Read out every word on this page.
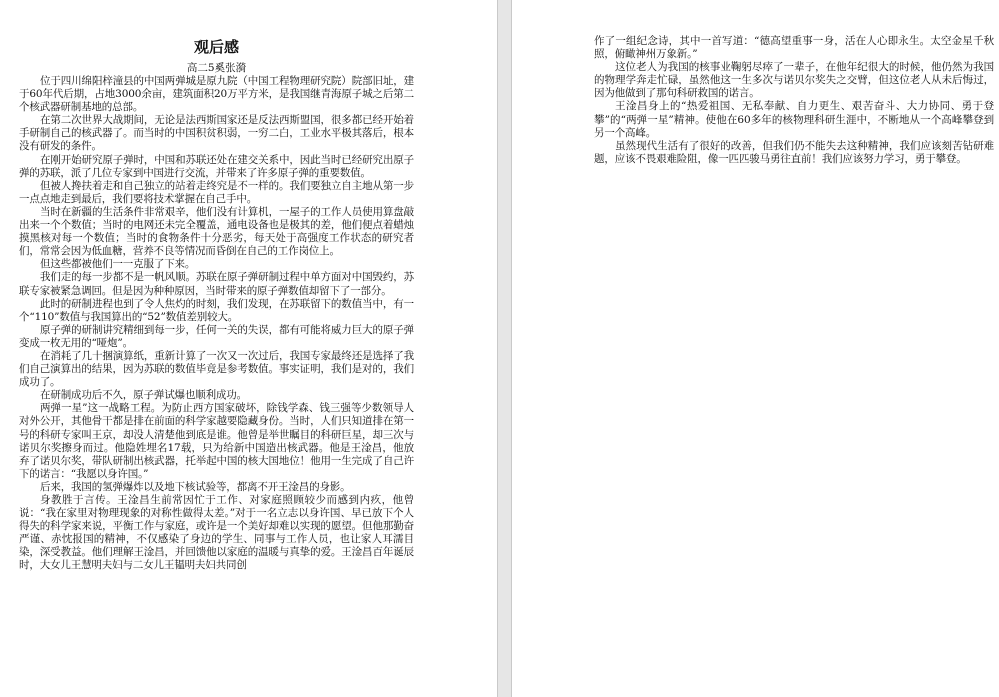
观后感

高二5奚张漪

位于四川绵阳梓潼县的中国两弹城是原九院（中国工程物理研究院）院部旧址，建于60年代后期，占地3000余亩，建筑面积20万平方米，是我国继青海原子城之后第二个核武器研制基地的总部。

在第二次世界大战期间，无论是法西斯国家还是反法西斯盟国，很多都已经开始着手研制自己的核武器了。而当时的中国积贫积弱，一穷二白，工业水平极其落后，根本没有研发的条件。

在刚开始研究原子弹时，中国和苏联还处在建交关系中，因此当时已经研究出原子弹的苏联，派了几位专家到中国进行交流，并带来了许多原子弹的重要数值。

但被人搀扶着走和自己独立的站着走终究是不一样的。我们要独立自主地从第一步一点点地走到最后，我们要将技术掌握在自己手中。

当时在新疆的生活条件非常艰辛，他们没有计算机，一屋子的工作人员使用算盘敲出来一个个数值；当时的电网还未完全覆盖，通电设备也是极其的差，他们便点着蜡烛摸黑核对每一个数值；当时的食物条件十分恶劣，每天处于高强度工作状态的研究者们，常常会因为低血糖，营养不良等情况而昏倒在自己的工作岗位上。

但这些都被他们一一克服了下来。

我们走的每一步都不是一帆风顺。苏联在原子弹研制过程中单方面对中国毁约，苏联专家被紧急调回。但是因为种种原因，当时带来的原子弹数值却留下了一部分。

此时的研制进程也到了令人焦灼的时刻，我们发现，在苏联留下的数值当中，有一个“110”数值与我国算出的“52”数值差别较大。

原子弹的研制讲究精细到每一步，任何一关的失误，都有可能将威力巨大的原子弹变成一枚无用的“哑炮”。

在消耗了几十捆演算纸，重新计算了一次又一次过后，我国专家最终还是选择了我们自己演算出的结果，因为苏联的数值毕竟是参考数值。事实证明，我们是对的，我们成功了。

在研制成功后不久，原子弹试爆也顺利成功。

两弹一星”这一战略工程。为防止西方国家破坏，除钱学森、钱三强等少数领导人对外公开，其他骨干都是排在前面的科学家越要隐藏身份。当时，人们只知道排在第一号的科研专家叫王京，却没人清楚他到底是谁。他曾是举世瞩目的科研巨星，却三次与诺贝尔奖擦身而过。他隐姓埋名17载，只为给新中国造出核武器。他是王淦昌，他放弃了诺贝尔奖，带队研制出核武器，托举起中国的核大国地位！他用一生完成了自己许下的诺言：“我愿以身许国。”

后来，我国的氢弹爆炸以及地下核试验等，都离不开王淦昌的身影。

身教胜于言传。王淦昌生前常因忙于工作、对家庭照顾较少而感到内疚，他曾说：“我在家里对物理现象的对称性做得太差。”对于一名立志以身许国、早已放下个人得失的科学家来说，平衡工作与家庭，或许是一个美好却难以实现的愿望。但他那勤奋严谨、赤忱报国的精神，不仅感染了身边的学生、同事与工作人员，也让家人耳濡目染，深受教益。他们理解王淦昌，并回馈他以家庭的温暖与真挚的爱。王淦昌百年诞辰时，大女儿王慧明夫妇与二女儿王韫明夫妇共同创

作了一组纪念诗，其中一首写道：“德高望重事一身，活在人心即永生。太空金星千秋照，俯瞰神州万象新。”

这位老人为我国的核事业鞠躬尽瘁了一辈子，在他年纪很大的时候，他仍然为我国的物理学奔走忙碌，虽然他这一生多次与诺贝尔奖失之交臂，但这位老人从未后悔过，因为他做到了那句科研救国的诺言。

王淦昌身上的“热爱祖国、无私奉献、自力更生、艰苦奋斗、大力协同、勇于登攀”的“两弹一星”精神。使他在60多年的核物理科研生涯中，不断地从一个高峰攀登到另一个高峰。

虽然现代生活有了很好的改善，但我们仍不能失去这种精神，我们应该刻苦钻研难题，应该不畏艰难险阻，像一匹匹骏马勇往直前！我们应该努力学习，勇于攀登。
